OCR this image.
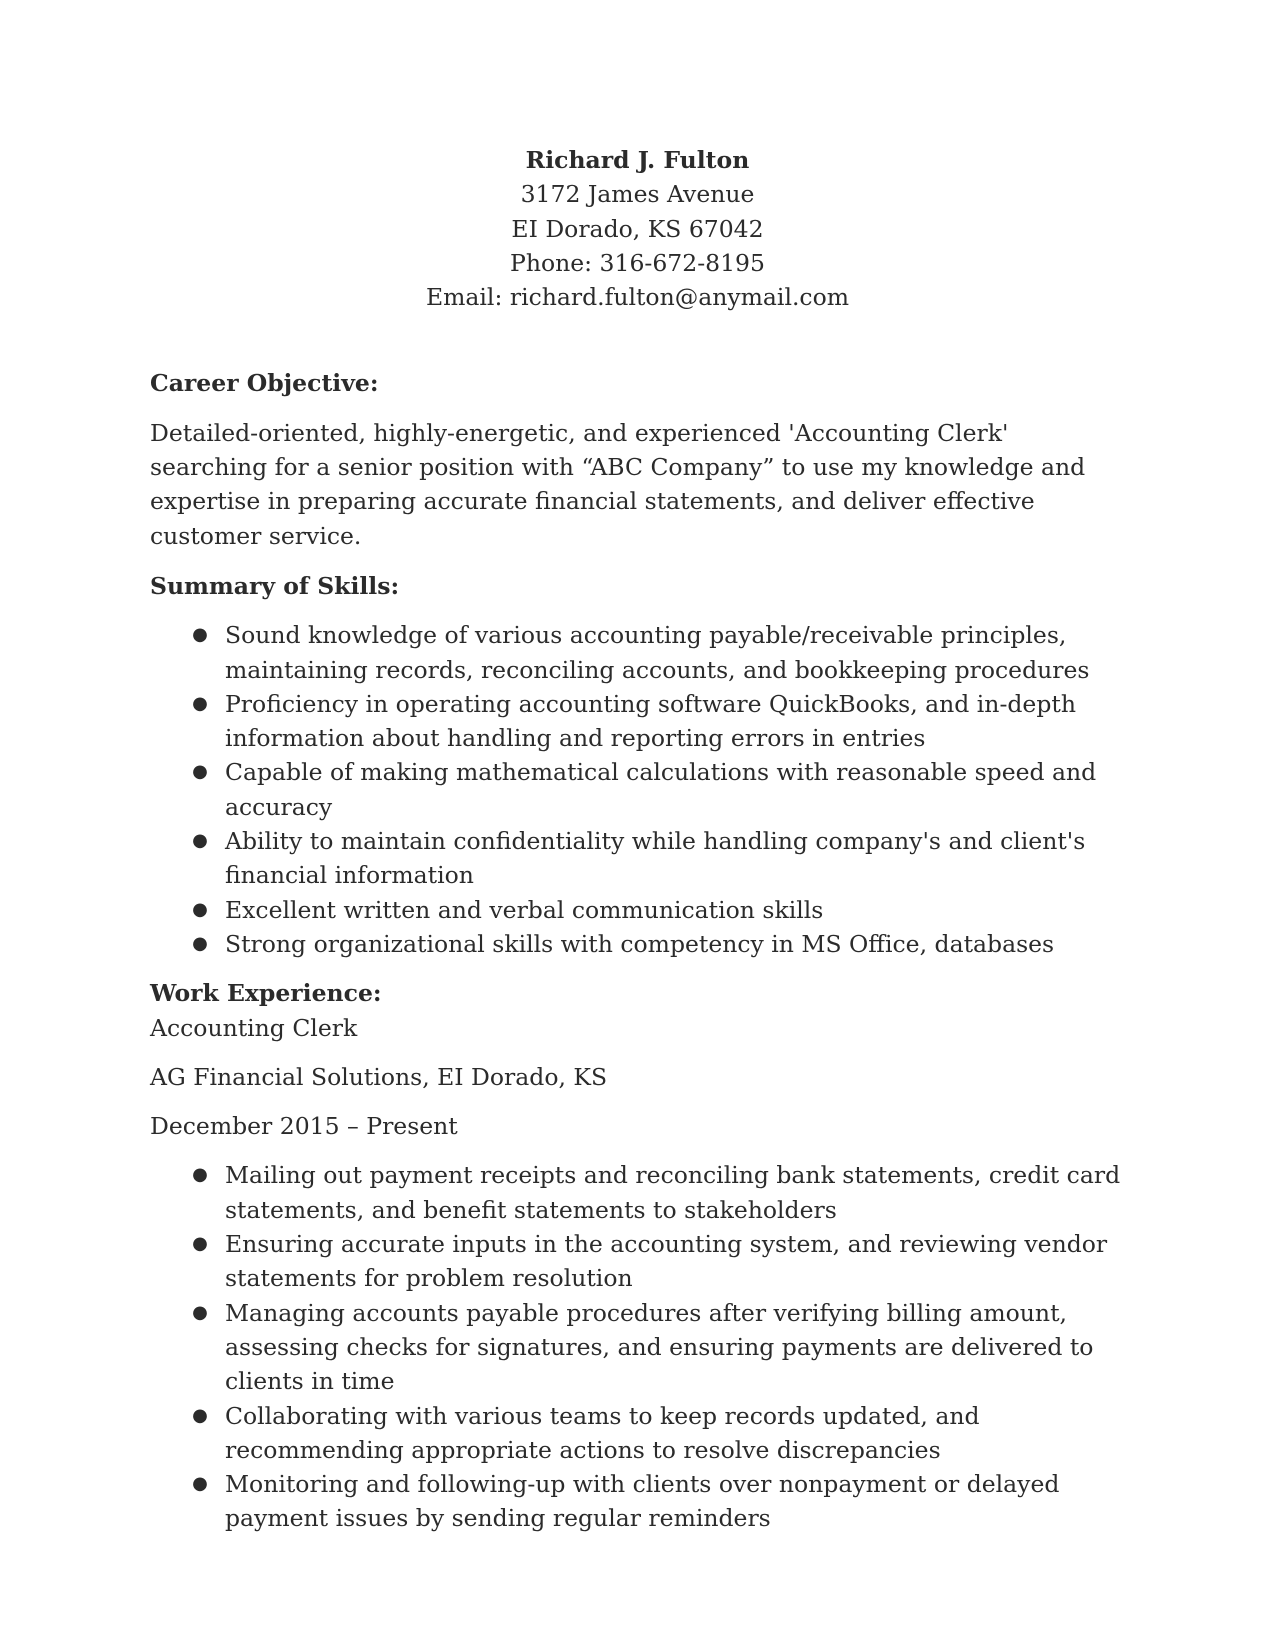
Richard J. Fulton
3172 James Avenue
EI Dorado, KS 67042
Phone: 316-672-8195
Email: richard.fulton@anymail.com
Career Objective:
Detailed-oriented, highly-energetic, and experienced 'Accounting Clerk' searching for a senior position with “ABC Company” to use my knowledge and expertise in preparing accurate financial statements, and deliver effective customer service.
Summary of Skills:
● Sound knowledge of various accounting payable/receivable principles, maintaining records, reconciling accounts, and bookkeeping procedures
● Proficiency in operating accounting software QuickBooks, and in-depth information about handling and reporting errors in entries
● Capable of making mathematical calculations with reasonable speed and accuracy
● Ability to maintain confidentiality while handling company's and client's financial information
● Excellent written and verbal communication skills
● Strong organizational skills with competency in MS Office, databases
Work Experience:
Accounting Clerk
AG Financial Solutions, EI Dorado, KS
December 2015 – Present
● Mailing out payment receipts and reconciling bank statements, credit card statements, and benefit statements to stakeholders
● Ensuring accurate inputs in the accounting system, and reviewing vendor statements for problem resolution
● Managing accounts payable procedures after verifying billing amount, assessing checks for signatures, and ensuring payments are delivered to clients in time
● Collaborating with various teams to keep records updated, and recommending appropriate actions to resolve discrepancies
● Monitoring and following-up with clients over nonpayment or delayed payment issues by sending regular reminders
